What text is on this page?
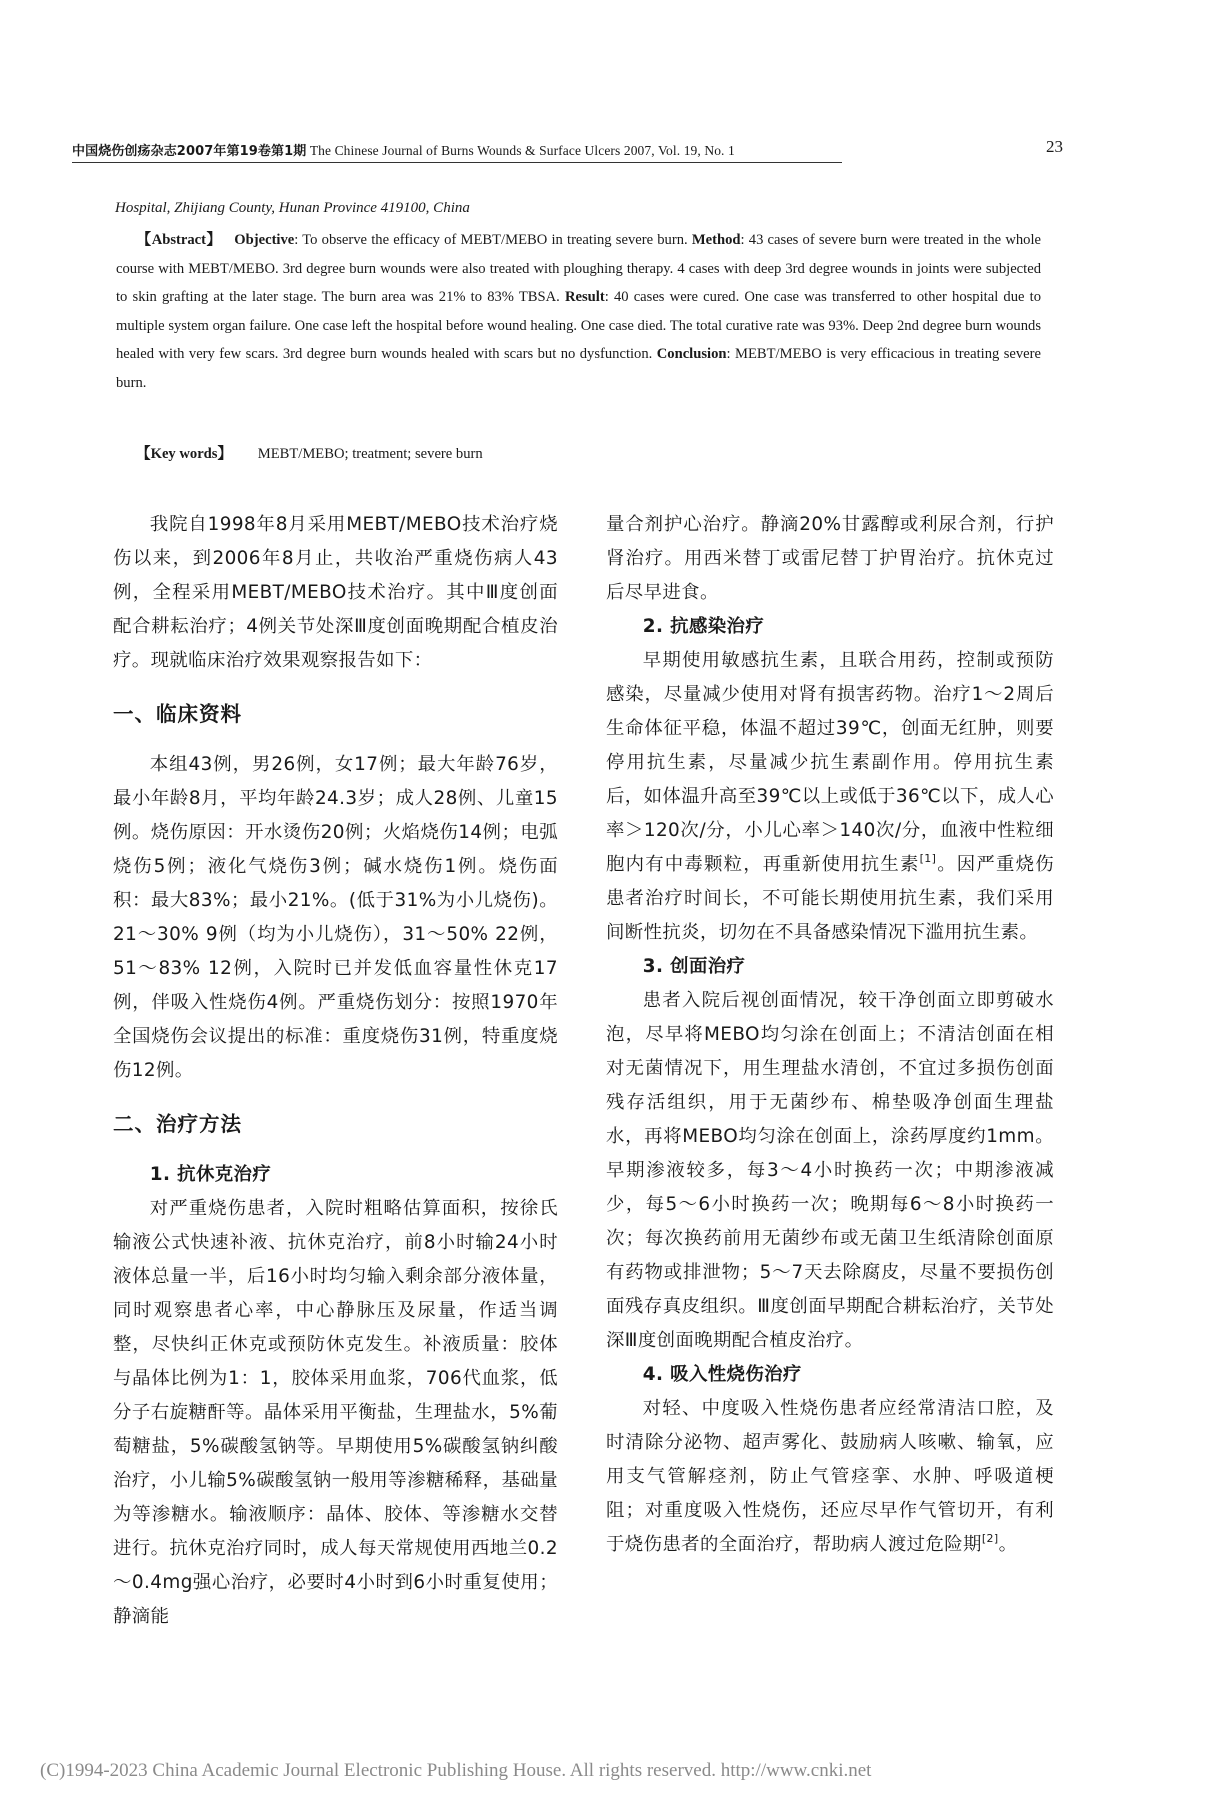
中国烧伤创疡杂志2007年第19卷第1期 The Chinese Journal of Burns Wounds & Surface Ulcers 2007, Vol. 19, No. 1	23
Hospital, Zhijiang County, Hunan Province 419100, China
【Abstract】 Objective: To observe the efficacy of MEBT/MEBO in treating severe burn. Method: 43 cases of severe burn were treated in the whole course with MEBT/MEBO. 3rd degree burn wounds were also treated with ploughing therapy. 4 cases with deep 3rd degree wounds in joints were subjected to skin grafting at the later stage. The burn area was 21% to 83% TBSA. Result: 40 cases were cured. One case was transferred to other hospital due to multiple system organ failure. One case left the hospital before wound healing. One case died. The total curative rate was 93%. Deep 2nd degree burn wounds healed with very few scars. 3rd degree burn wounds healed with scars but no dysfunction. Conclusion: MEBT/MEBO is very efficacious in treating severe burn.
【Key words】 MEBT/MEBO; treatment; severe burn

我院自1998年8月采用MEBT/MEBO技术治疗烧伤以来，到2006年8月止，共收治严重烧伤病人43例，全程采用MEBT/MEBO技术治疗。其中Ⅲ度创面配合耕耘治疗；4例关节处深Ⅲ度创面晚期配合植皮治疗。现就临床治疗效果观察报告如下：

一、临床资料

本组43例，男26例，女17例；最大年龄76岁，最小年龄8月，平均年龄24.3岁；成人28例、儿童15例。烧伤原因：开水烫伤20例；火焰烧伤14例；电弧烧伤5例；液化气烧伤3例；碱水烧伤1例。烧伤面积：最大83%；最小21%。(低于31%为小儿烧伤)。21～30% 9例（均为小儿烧伤），31～50% 22例，51～83% 12例，入院时已并发低血容量性休克17例，伴吸入性烧伤4例。严重烧伤划分：按照1970年全国烧伤会议提出的标准：重度烧伤31例，特重度烧伤12例。

二、治疗方法
1. 抗休克治疗

对严重烧伤患者，入院时粗略估算面积，按徐氏输液公式快速补液、抗休克治疗，前8小时输24小时液体总量一半，后16小时均匀输入剩余部分液体量，同时观察患者心率，中心静脉压及尿量，作适当调整，尽快纠正休克或预防休克发生。补液质量：胶体与晶体比例为1：1，胶体采用血浆，706代血浆，低分子右旋糖酐等。晶体采用平衡盐，生理盐水，5%葡萄糖盐，5%碳酸氢钠等。早期使用5%碳酸氢钠纠酸治疗，小儿输5%碳酸氢钠一般用等渗糖稀释，基础量为等渗糖水。输液顺序：晶体、胶体、等渗糖水交替进行。抗休克治疗同时，成人每天常规使用西地兰0.2～0.4mg强心治疗，必要时4小时到6小时重复使用；静滴能

量合剂护心治疗。静滴20%甘露醇或利尿合剂，行护肾治疗。用西米替丁或雷尼替丁护胃治疗。抗休克过后尽早进食。

2. 抗感染治疗

早期使用敏感抗生素，且联合用药，控制或预防感染，尽量减少使用对肾有损害药物。治疗1～2周后生命体征平稳，体温不超过39℃，创面无红肿，则要停用抗生素，尽量减少抗生素副作用。停用抗生素后，如体温升高至39℃以上或低于36℃以下，成人心率＞120次/分，小儿心率＞140次/分，血液中性粒细胞内有中毒颗粒，再重新使用抗生素[1]。因严重烧伤患者治疗时间长，不可能长期使用抗生素，我们采用间断性抗炎，切勿在不具备感染情况下滥用抗生素。

3. 创面治疗

患者入院后视创面情况，较干净创面立即剪破水泡，尽早将MEBO均匀涂在创面上；不清洁创面在相对无菌情况下，用生理盐水清创，不宜过多损伤创面残存活组织，用于无菌纱布、棉垫吸净创面生理盐水，再将MEBO均匀涂在创面上，涂药厚度约1mm。早期渗液较多，每3～4小时换药一次；中期渗液减少，每5～6小时换药一次；晚期每6～8小时换药一次；每次换药前用无菌纱布或无菌卫生纸清除创面原有药物或排泄物；5～7天去除腐皮，尽量不要损伤创面残存真皮组织。Ⅲ度创面早期配合耕耘治疗，关节处深Ⅲ度创面晚期配合植皮治疗。

4. 吸入性烧伤治疗

对轻、中度吸入性烧伤患者应经常清洁口腔，及时清除分泌物、超声雾化、鼓励病人咳嗽、输氧，应用支气管解痉剂，防止气管痉挛、水肿、呼吸道梗阻；对重度吸入性烧伤，还应尽早作气管切开，有利于烧伤患者的全面治疗，帮助病人渡过危险期[2]。

(C)1994-2023 China Academic Journal Electronic Publishing House. All rights reserved. http://www.cnki.net
